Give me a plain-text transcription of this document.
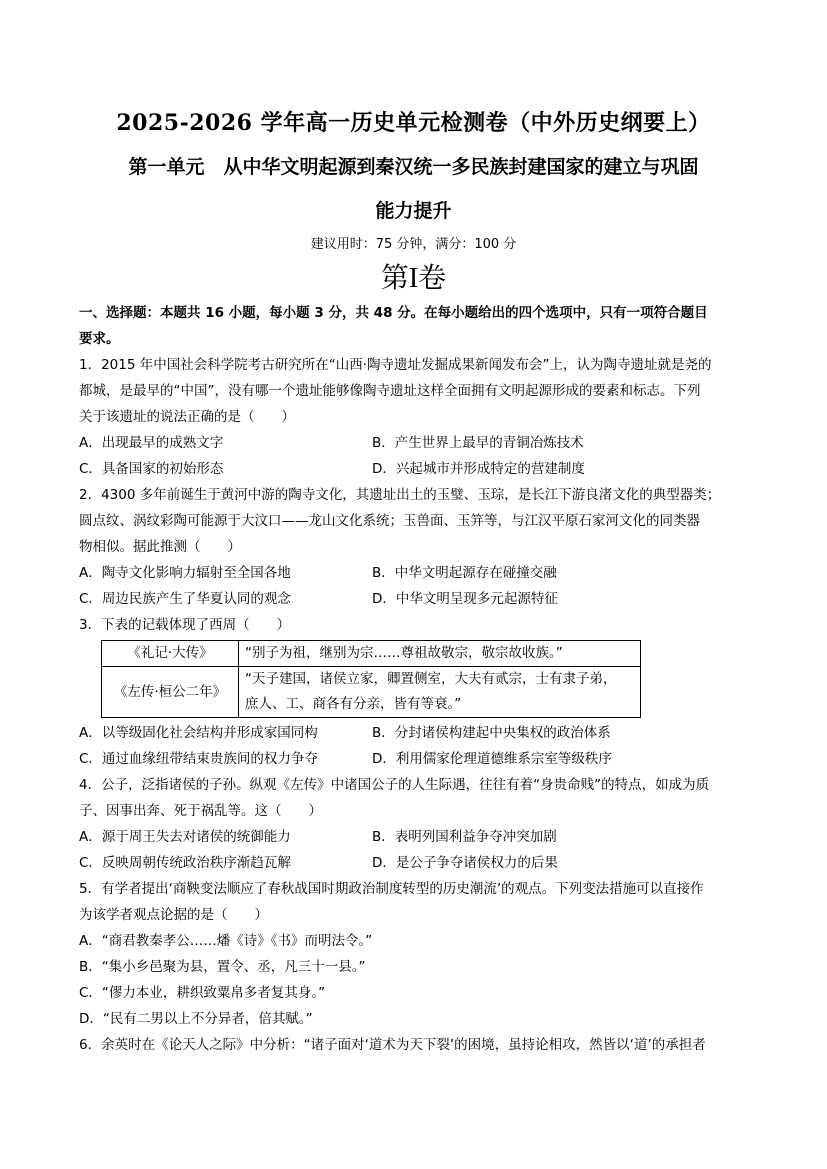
2025-2026 学年高一历史单元检测卷（中外历史纲要上）
第一单元　从中华文明起源到秦汉统一多民族封建国家的建立与巩固
能力提升
建议用时：75 分钟，满分：100 分
第I卷

一、选择题：本题共 16 小题，每小题 3 分，共 48 分。在每小题给出的四个选项中，只有一项符合题目

要求。

1．2015 年中国社会科学院考古研究所在“山西·陶寺遗址发掘成果新闻发布会”上，认为陶寺遗址就是尧的

都城，是最早的“中国”，没有哪一个遗址能够像陶寺遗址这样全面拥有文明起源形成的要素和标志。下列

关于该遗址的说法正确的是（　　）

A．出现最早的成熟文字	B．产生世界上最早的青铜冶炼技术
C．具备国家的初始形态	D．兴起城市并形成特定的营建制度

2．4300 多年前诞生于黄河中游的陶寺文化，其遗址出土的玉璧、玉琮，是长江下游良渚文化的典型器类；

圆点纹、涡纹彩陶可能源于大汶口——龙山文化系统；玉兽面、玉笄等，与江汉平原石家河文化的同类器

物相似。据此推测（　　）

A．陶寺文化影响力辐射至全国各地	B．中华文明起源存在碰撞交融
C．周边民族产生了华夏认同的观念	D．中华文明呈现多元起源特征

3．下表的记载体现了西周（　　）

《礼记·大传》	“别子为祖，继别为宗……尊祖故敬宗，敬宗故收族。”
《左传·桓公二年》	“天子建国，诸侯立家，卿置侧室，大夫有贰宗，士有隶子弟，
庶人、工、商各有分亲，皆有等衰。”
A．以等级固化社会结构并形成家国同构	B．分封诸侯构建起中央集权的政治体系
C．通过血缘纽带结束贵族间的权力争夺	D．利用儒家伦理道德维系宗室等级秩序

4．公子，泛指诸侯的子孙。纵观《左传》中诸国公子的人生际遇，往往有着“身贵命贱”的特点，如成为质

子、因事出奔、死于祸乱等。这（　　）

A．源于周王失去对诸侯的统御能力	B．表明列国利益争夺冲突加剧
C．反映周朝传统政治秩序渐趋瓦解	D．是公子争夺诸侯权力的后果

5．有学者提出‘商鞅变法顺应了春秋战国时期政治制度转型的历史潮流’的观点。下列变法措施可以直接作

为该学者观点论据的是（　　）

A．“商君教秦孝公……燔《诗》《书》而明法令。”
B．“集小乡邑聚为县，置令、丞，凡三十一县。”
C．“僇力本业，耕织致粟帛多者复其身。”
D．“民有二男以上不分异者，倍其赋。”

6．余英时在《论天人之际》中分析：“诸子面对‘道术为天下裂’的困境，虽持论相攻，然皆以‘道’的承担者
